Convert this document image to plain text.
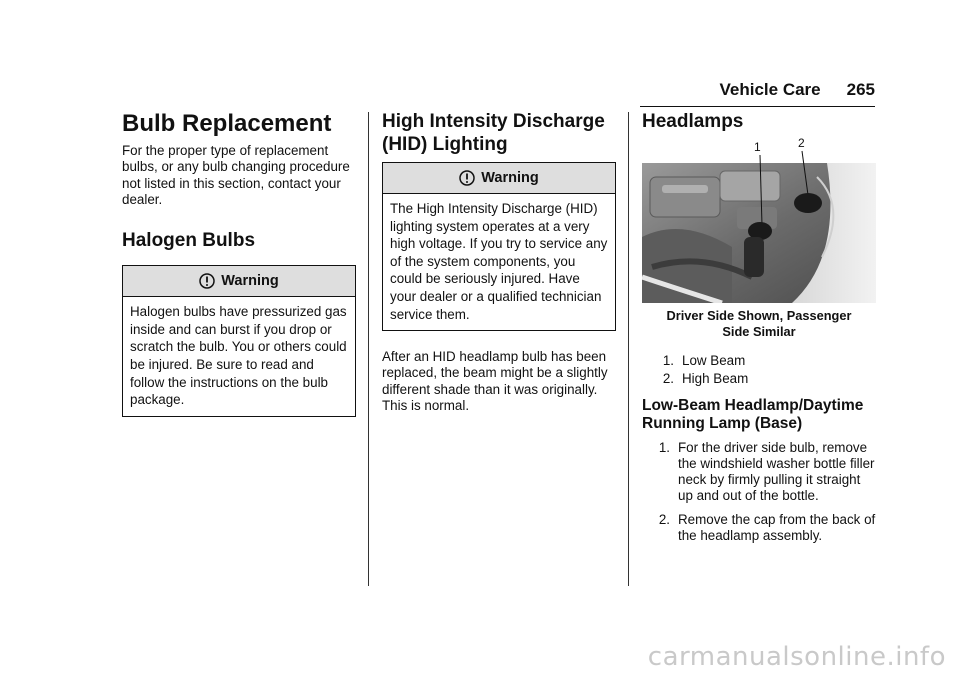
Vehicle Care 265
Bulb Replacement

For the proper type of replacement bulbs, or any bulb changing procedure not listed in this section, contact your dealer.

Halogen Bulbs
Warning
Halogen bulbs have pressurized gas inside and can burst if you drop or scratch the bulb. You or others could be injured. Be sure to read and follow the instructions on the bulb package.
High Intensity Discharge
(HID) Lighting
Warning
The High Intensity Discharge (HID) lighting system operates at a very high voltage. If you try to service any of the system components, you could be seriously injured. Have your dealer or a qualified technician service them.

After an HID headlamp bulb has been replaced, the beam might be a slightly different shade than it was originally. This is normal.

Headlamps
1	2
Driver Side Shown, Passenger
Side Similar
1. Low Beam
2. High Beam
Low-Beam Headlamp/Daytime
Running Lamp (Base)
1. For the driver side bulb, remove the windshield washer bottle filler neck by firmly pulling it straight up and out of the bottle.
2. Remove the cap from the back of the headlamp assembly.
carmanualsonline.info
